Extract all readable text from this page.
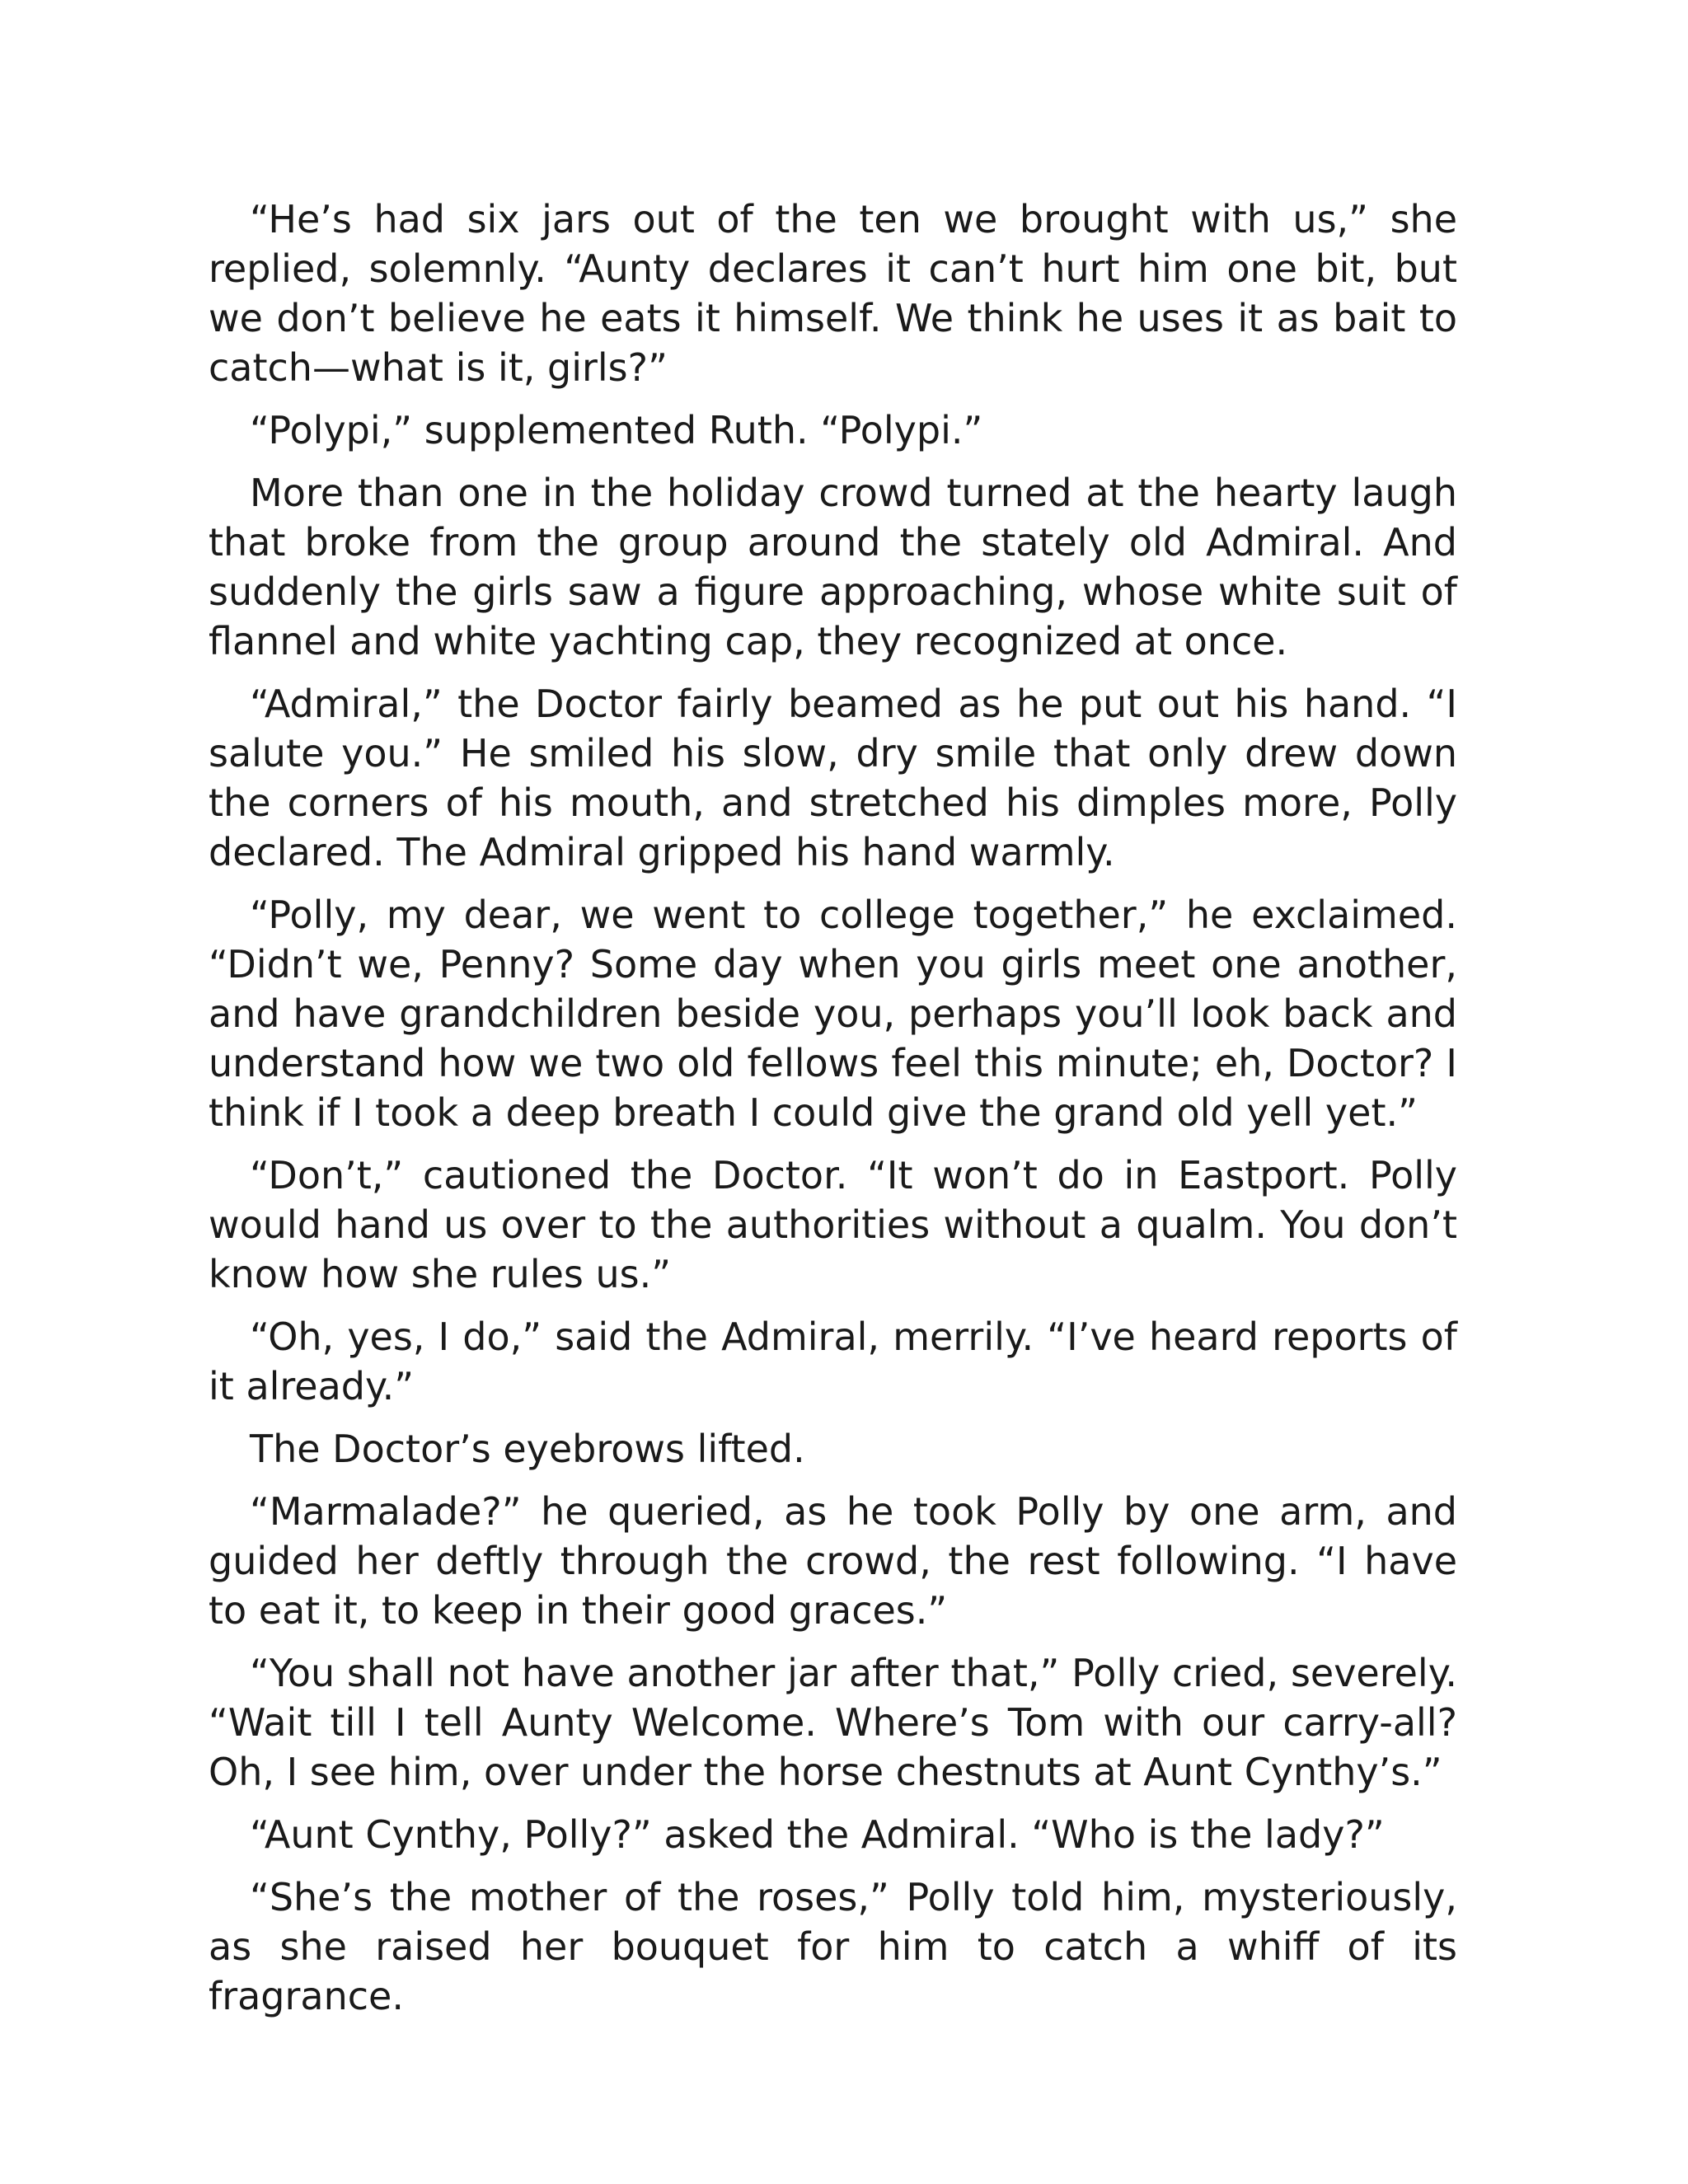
“He’s had six jars out of the ten we brought with us,” she replied, solemnly. “Aunty declares it can’t hurt him one bit, but we don’t believe he eats it himself. We think he uses it as bait to catch—what is it, girls?”

“Polypi,” supplemented Ruth. “Polypi.”

More than one in the holiday crowd turned at the hearty laugh that broke from the group around the stately old Admiral. And suddenly the girls saw a figure approaching, whose white suit of flannel and white yachting cap, they recognized at once.

“Admiral,” the Doctor fairly beamed as he put out his hand. “I salute you.” He smiled his slow, dry smile that only drew down the corners of his mouth, and stretched his dimples more, Polly declared. The Admiral gripped his hand warmly.

“Polly, my dear, we went to college together,” he exclaimed. “Didn’t we, Penny? Some day when you girls meet one another, and have grandchildren beside you, perhaps you’ll look back and understand how we two old fellows feel this minute; eh, Doctor? I think if I took a deep breath I could give the grand old yell yet.”

“Don’t,” cautioned the Doctor. “It won’t do in Eastport. Polly would hand us over to the authorities without a qualm. You don’t know how she rules us.”

“Oh, yes, I do,” said the Admiral, merrily. “I’ve heard reports of it already.”

The Doctor’s eyebrows lifted.

“Marmalade?” he queried, as he took Polly by one arm, and guided her deftly through the crowd, the rest following. “I have to eat it, to keep in their good graces.”

“You shall not have another jar after that,” Polly cried, severely. “Wait till I tell Aunty Welcome. Where’s Tom with our carry-all? Oh, I see him, over under the horse chestnuts at Aunt Cynthy’s.”

“Aunt Cynthy, Polly?” asked the Admiral. “Who is the lady?”

“She’s the mother of the roses,” Polly told him, mysteriously, as she raised her bouquet for him to catch a whiff of its fragrance.
